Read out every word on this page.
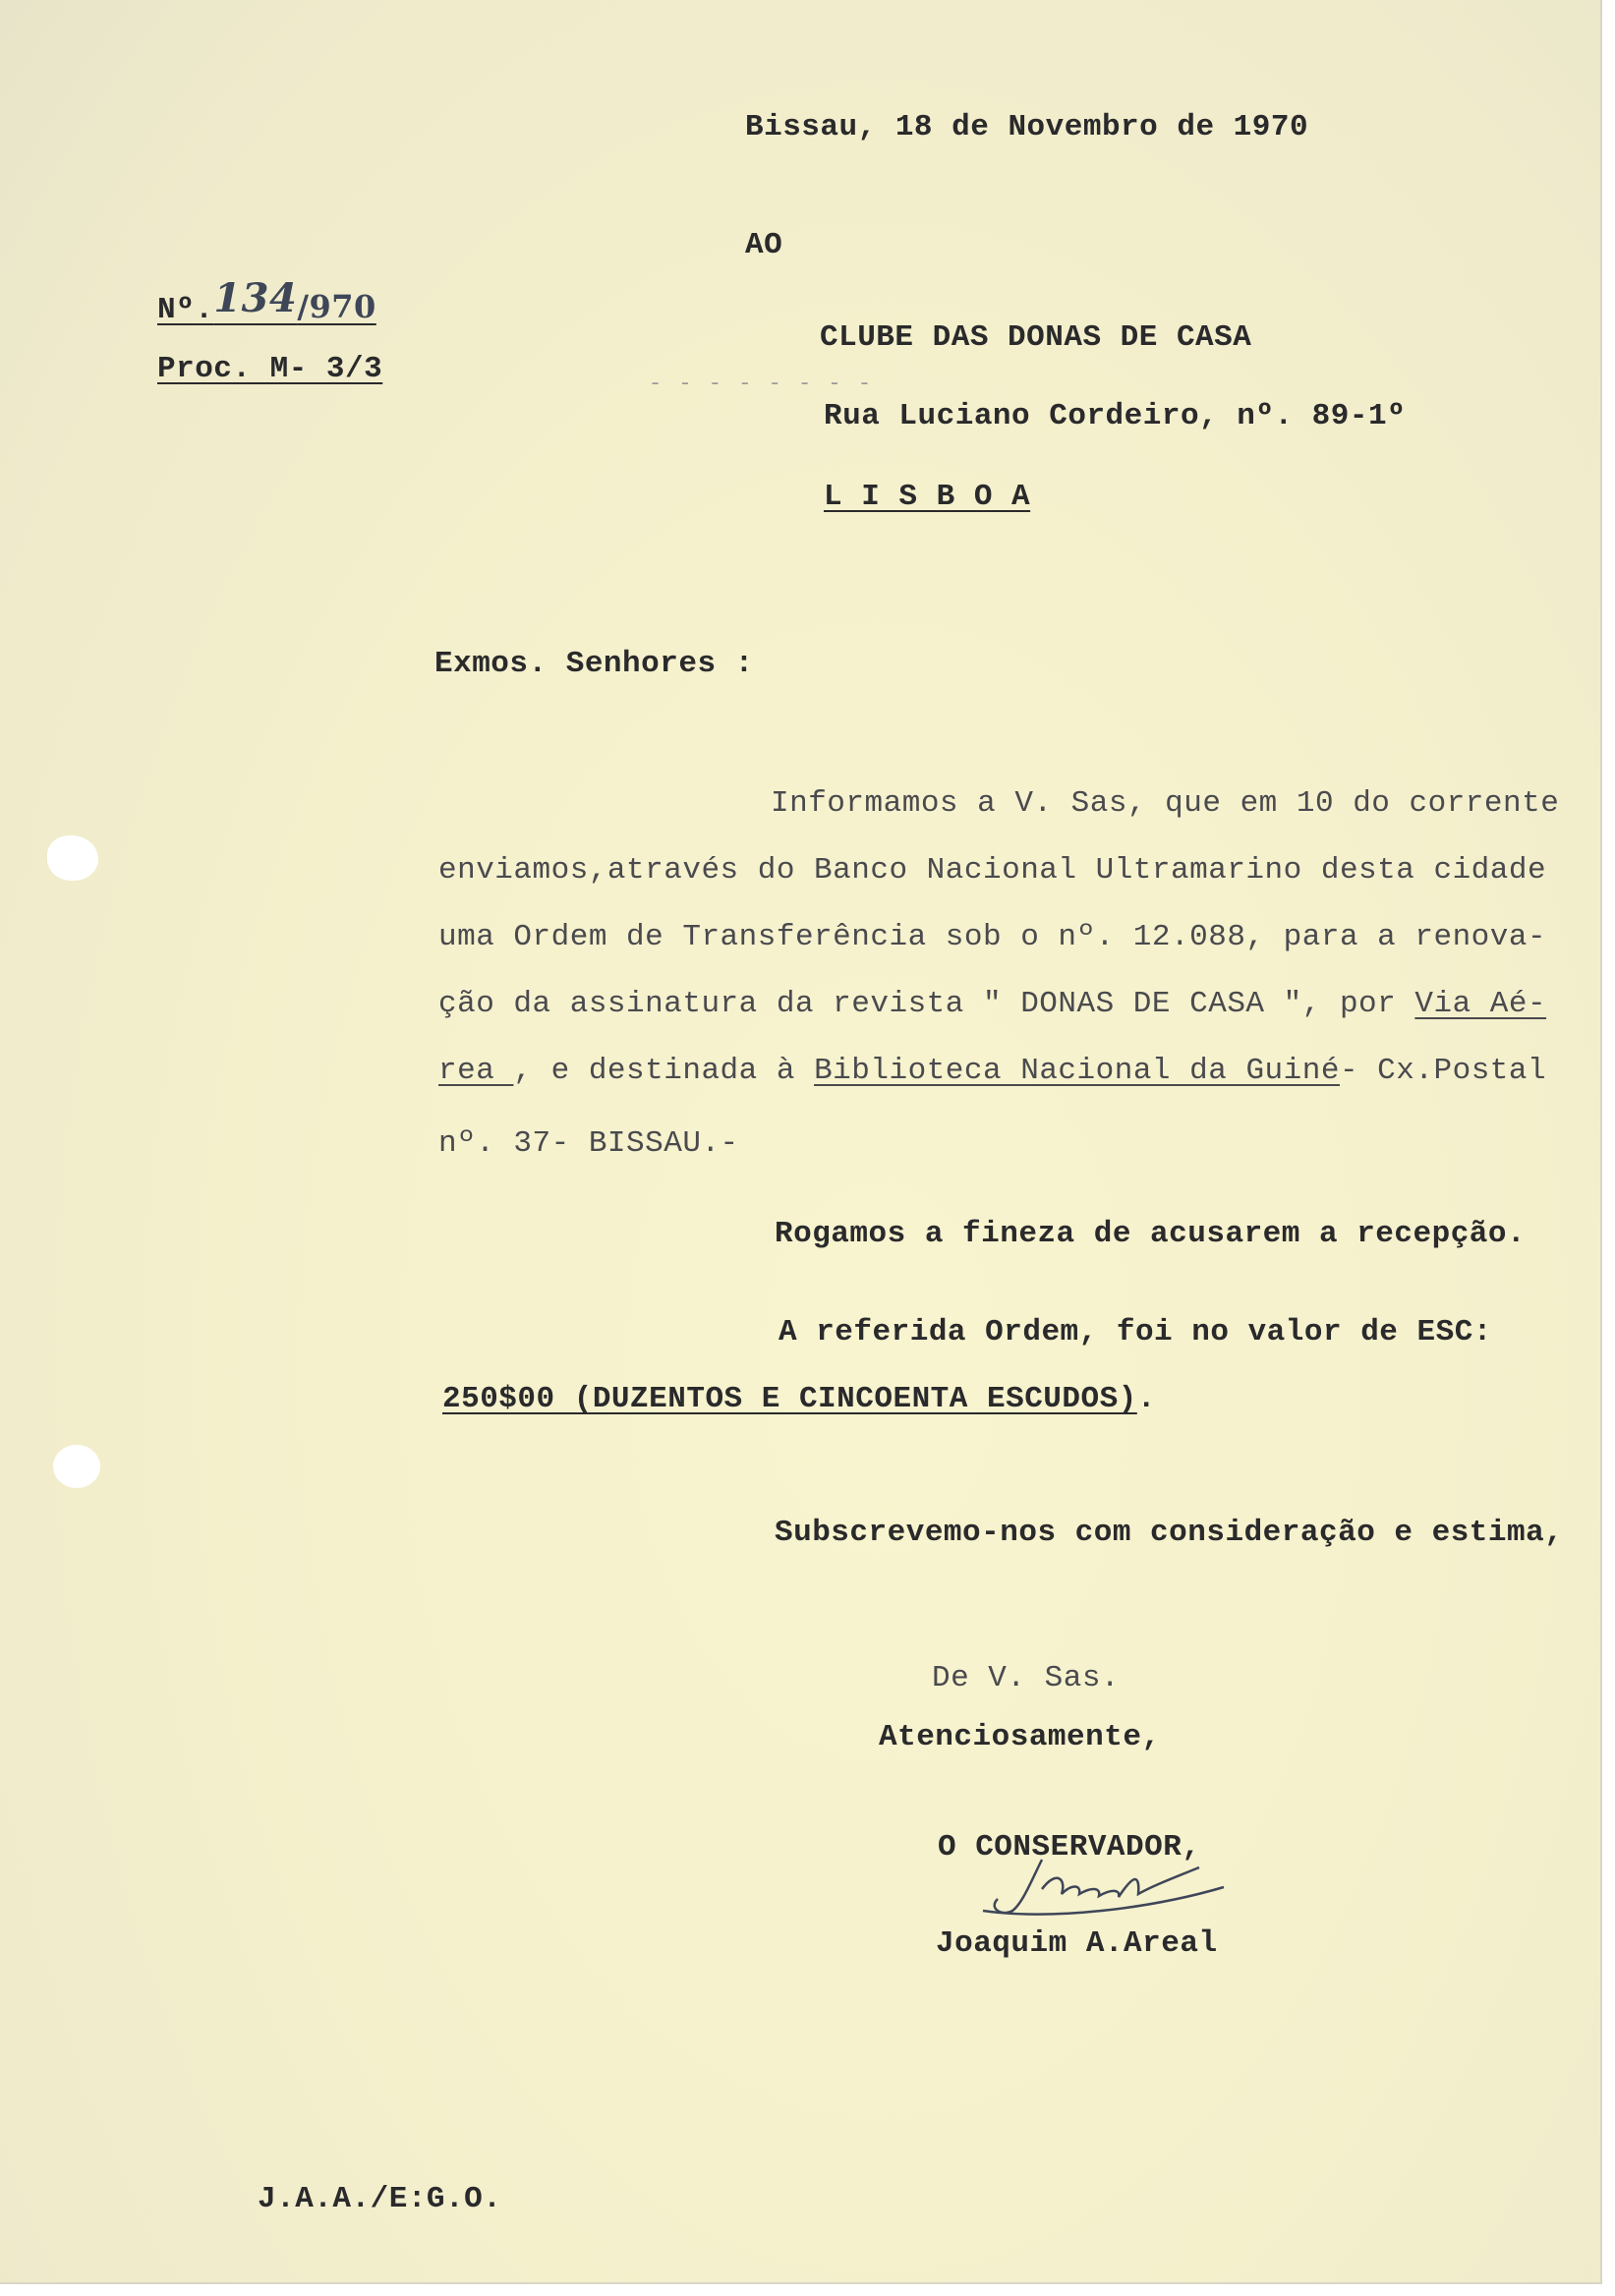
Bissau, 18 de Novembro de 1970
AO
Nº.134/970
Proc. M- 3/3	- - - - - - - -
CLUBE DAS DONAS DE CASA
Rua Luciano Cordeiro, nº. 89-1º
L I S B O A
Exmos. Senhores :
Informamos a V. Sas, que em 10 do corrente
enviamos,através do Banco Nacional Ultramarino desta cidade
uma Ordem de Transferência sob o nº. 12.088, para a renova-
ção da assinatura da revista " DONAS DE CASA ", por Via Aé-
rea , e destinada à Biblioteca Nacional da Guiné- Cx.Postal
nº. 37- BISSAU.-
Rogamos a fineza de acusarem a recepção.
A referida Ordem, foi no valor de ESC:
250$00 (DUZENTOS E CINCOENTA ESCUDOS).
Subscrevemo-nos com consideração e estima,
De V. Sas.
Atenciosamente,
O CONSERVADOR,
Joaquim A.Areal
J.A.A./E:G.O.
